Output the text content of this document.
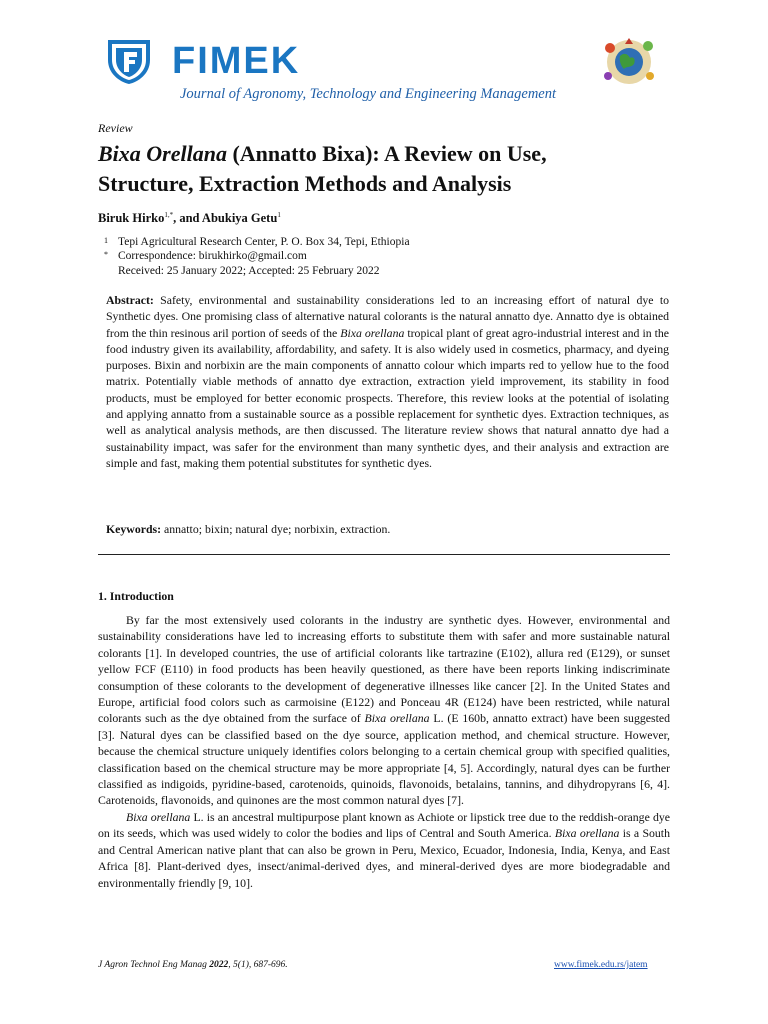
FIMEK
Journal of Agronomy, Technology and Engineering Management
Review
Bixa Orellana (Annatto Bixa): A Review on Use,
Structure, Extraction Methods and Analysis
Biruk Hirko$^{1,*}$, and Abukiya Getu$^1$
1 Tepi Agricultural Research Center, P. O. Box 34, Tepi, Ethiopia
* Correspondence: birukhirko@gmail.com
Received: 25 January 2022; Accepted: 25 February 2022
Abstract: Safety, environmental and sustainability considerations led to an increasing effort of natural dye to Synthetic dyes. One promising class of alternative natural colorants is the natural annatto dye. Annatto dye is obtained from the thin resinous aril portion of seeds of the Bixa orellana tropical plant of great agro-industrial interest and in the food industry given its availability, affordability, and safety. It is also widely used in cosmetics, pharmacy, and dyeing purposes. Bixin and norbixin are the main components of annatto colour which imparts red to yellow hue to the food matrix. Potentially viable methods of annatto dye extraction, extraction yield improvement, its stability in food products, must be employed for better economic prospects. Therefore, this review looks at the potential of isolating and applying annatto from a sustainable source as a possible replacement for synthetic dyes. Extraction techniques, as well as analytical analysis methods, are then discussed. The literature review shows that natural annatto dye had a sustainability impact, was safer for the environment than many synthetic dyes, and their analysis and extraction are simple and fast, making them potential substitutes for synthetic dyes.
Keywords: annatto; bixin; natural dye; norbixin, extraction.
1. Introduction

By far the most extensively used colorants in the industry are synthetic dyes. However, environmental and sustainability considerations have led to increasing efforts to substitute them with safer and more sustainable natural colorants [1]. In developed countries, the use of artificial colorants like tartrazine (E102), allura red (E129), or sunset yellow FCF (E110) in food products has been heavily questioned, as there have been reports linking indiscriminate consumption of these colorants to the development of degenerative illnesses like cancer [2]. In the United States and Europe, artificial food colors such as carmoisine (E122) and Ponceau 4R (E124) have been restricted, while natural colorants such as the dye obtained from the surface of Bixa orellana L. (E 160b, annatto extract) have been suggested [3]. Natural dyes can be classified based on the dye source, application method, and chemical structure. However, because the chemical structure uniquely identifies colors belonging to a certain chemical group with specified qualities, classification based on the chemical structure may be more appropriate [4, 5]. Accordingly, natural dyes can be further classified as indigoids, pyridine-based, carotenoids, quinoids, flavonoids, betalains, tannins, and dihydropyrans [6, 4]. Carotenoids, flavonoids, and quinones are the most common natural dyes [7].

Bixa orellana L. is an ancestral multipurpose plant known as Achiote or lipstick tree due to the reddish-orange dye on its seeds, which was used widely to color the bodies and lips of Central and South America. Bixa orellana is a South and Central American native plant that can also be grown in Peru, Mexico, Ecuador, Indonesia, India, Kenya, and East Africa [8]. Plant-derived dyes, insect/animal-derived dyes, and mineral-derived dyes are more biodegradable and environmentally friendly [9, 10].

J Agron Technol Eng Manag 2022, 5(1), 687-696.	www.fimek.edu.rs/jatem
